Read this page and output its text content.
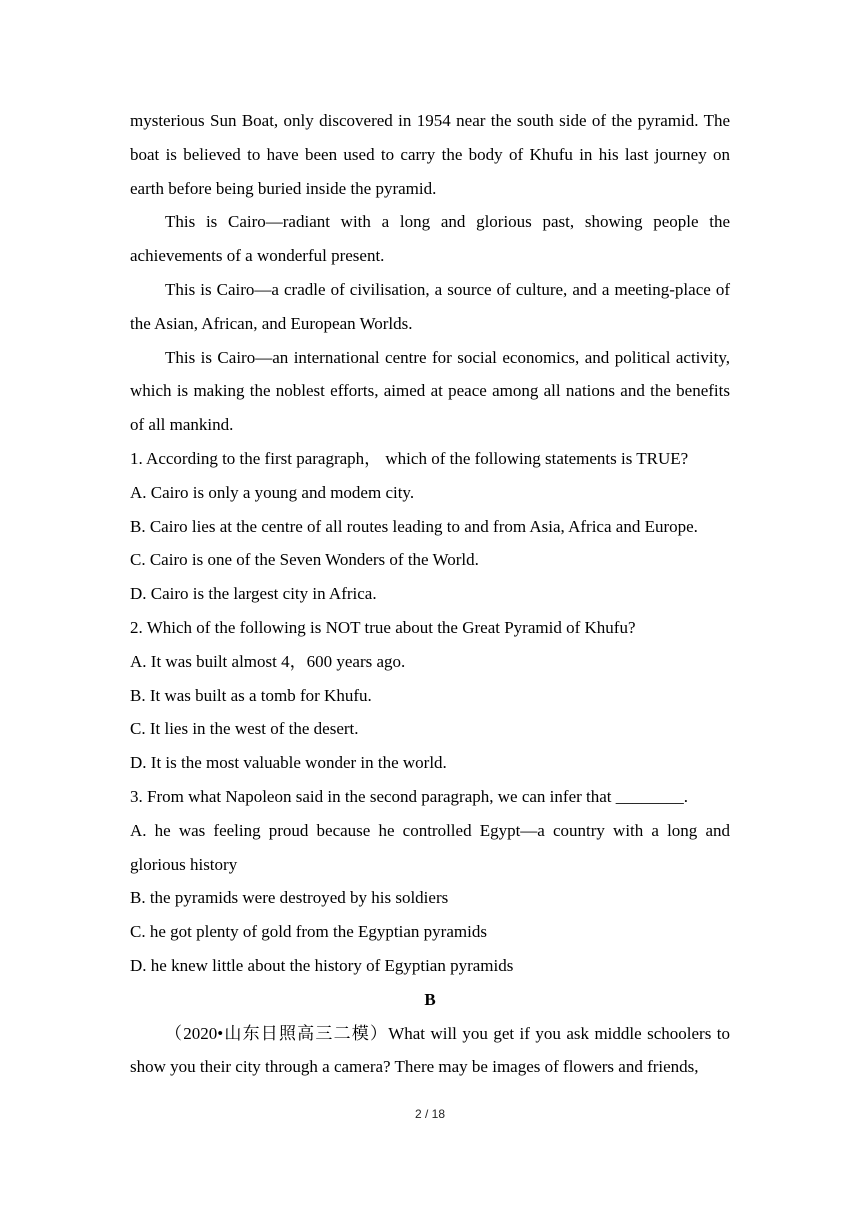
mysterious Sun Boat, only discovered in 1954 near the south side of the pyramid. The boat is believed to have been used to carry the body of Khufu in his last journey on earth before being buried inside the pyramid.

This is Cairo—radiant with a long and glorious past, showing people the achievements of a wonderful present.

This is Cairo—a cradle of civilisation, a source of culture, and a meeting-place of the Asian, African, and European Worlds.

This is Cairo—an international centre for social economics, and political activity, which is making the noblest efforts, aimed at peace among all nations and the benefits of all mankind.

1. According to the first paragraph， which of the following statements is TRUE?

A. Cairo is only a young and modem city.

B. Cairo lies at the centre of all routes leading to and from Asia, Africa and Europe.

C. Cairo is one of the Seven Wonders of the World.

D. Cairo is the largest city in Africa.

2. Which of the following is NOT true about the Great Pyramid of Khufu?

A. It was built almost 4，600 years ago.

B. It was built as a tomb for Khufu.

C. It lies in the west of the desert.

D. It is the most valuable wonder in the world.

3. From what Napoleon said in the second paragraph, we can infer that ________.

A. he was feeling proud because he controlled Egypt—a country with a long and glorious history

B. the pyramids were destroyed by his soldiers

C. he got plenty of gold from the Egyptian pyramids

D. he knew little about the history of Egyptian pyramids

B

（2020•山东日照高三二模）What will you get if you ask middle schoolers to show you their city through a camera? There may be images of flowers and friends,

2 / 18
